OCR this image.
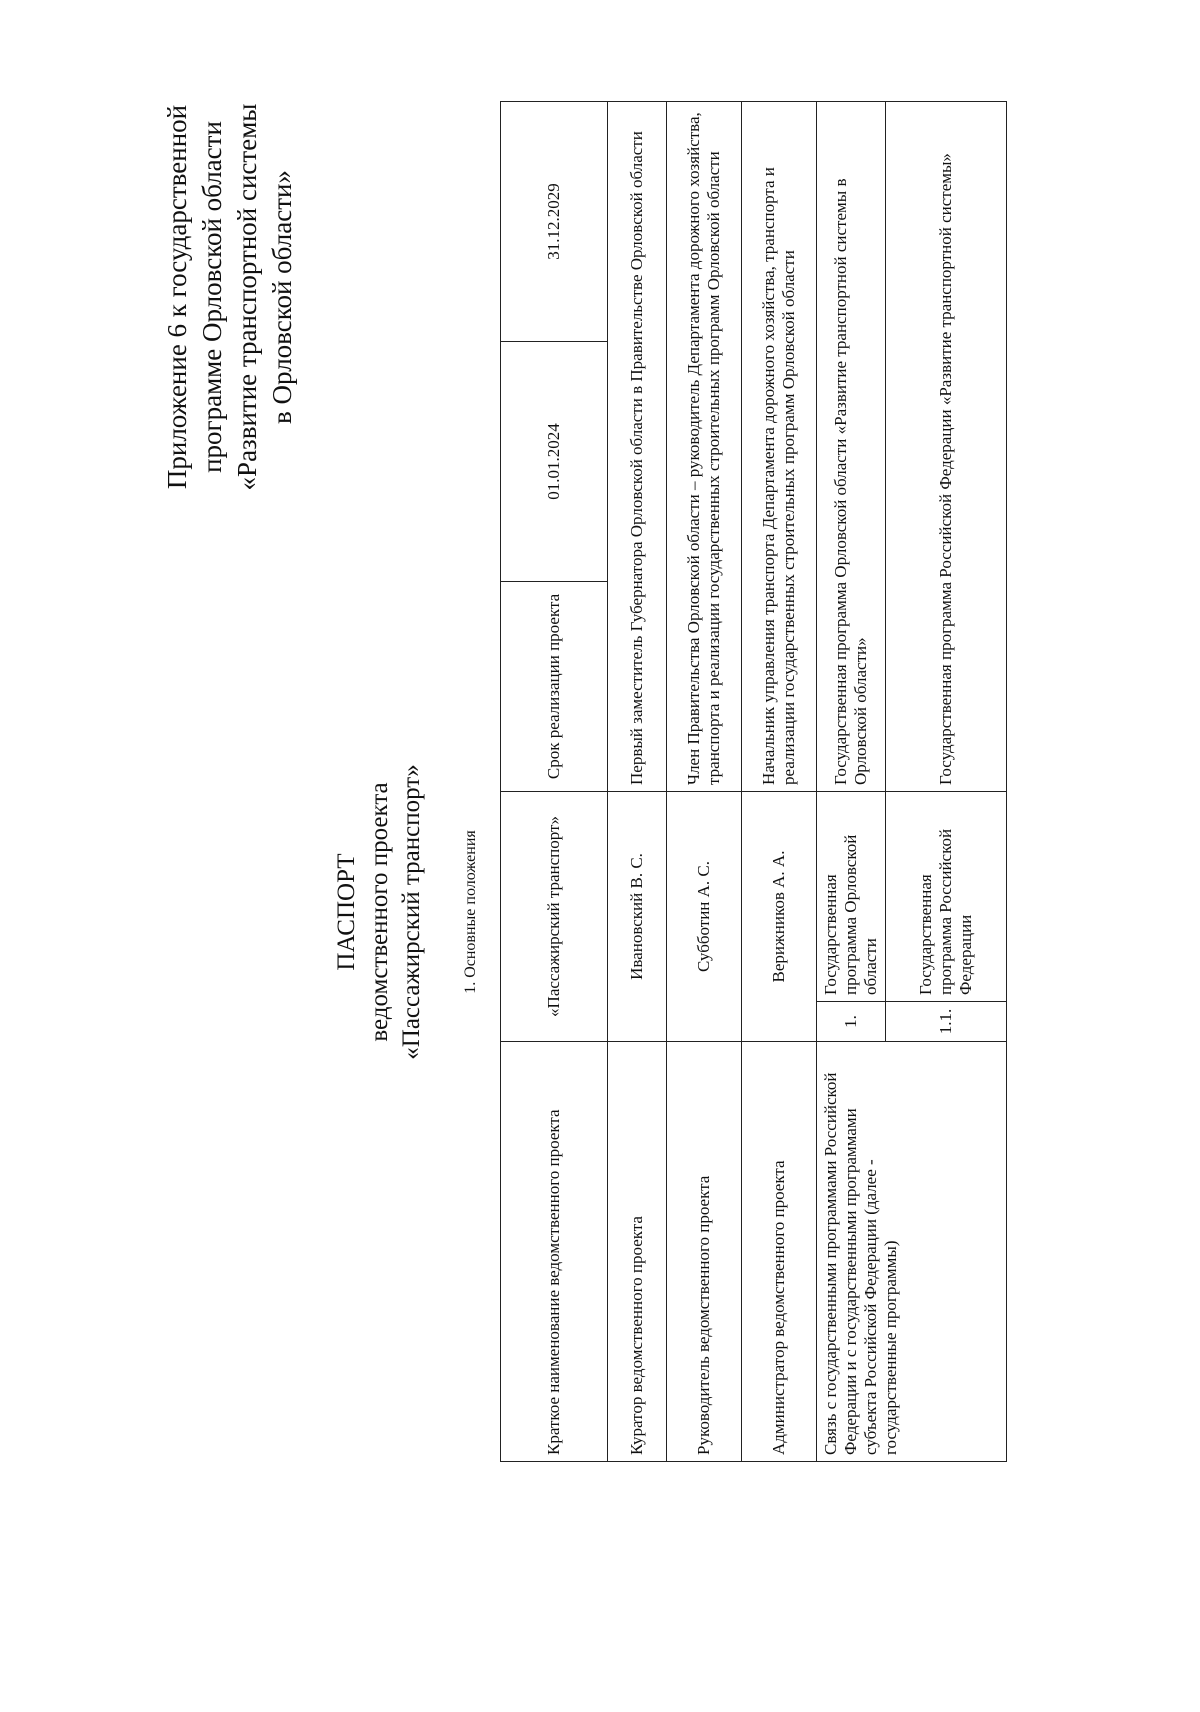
Приложение 6 к государственной программе Орловской области «Развитие транспортной системы в Орловской области»
ПАСПОРТ ведомственного проекта «Пассажирский транспорт» 1. Основные положения
Краткое наименование ведомственного проекта	«Пассажирский транспорт»		Срок реализации проекта	01.01.2024	31.12.2029
Куратор ведомственного проекта	Ивановский В. С.		Первый заместитель Губернатора Орловской области в Правительстве Орловской области		
Руководитель ведомственного проекта	Субботин А. С.		Член Правительства Орловской области – руководитель Департамента дорожного хозяйства, транспорта и реализации государственных строительных программ Орловской области		
Администратор ведомственного проекта	Верижников А. А.		Начальник управления транспорта Департамента дорожного хозяйства, транспорта и реализации государственных строительных программ Орловской области		
Связь с государственными программами Российской Федерации и с государственными программами субъекта Российской Федерации (далее - государственные программы)	1.	Государственная программа Орловской области	Государственная программа Орловской области «Развитие транспортной системы в Орловской области»		
	1.1.	Государственная программа Российской Федерации	Государственная программа Российской Федерации «Развитие транспортной системы»		
